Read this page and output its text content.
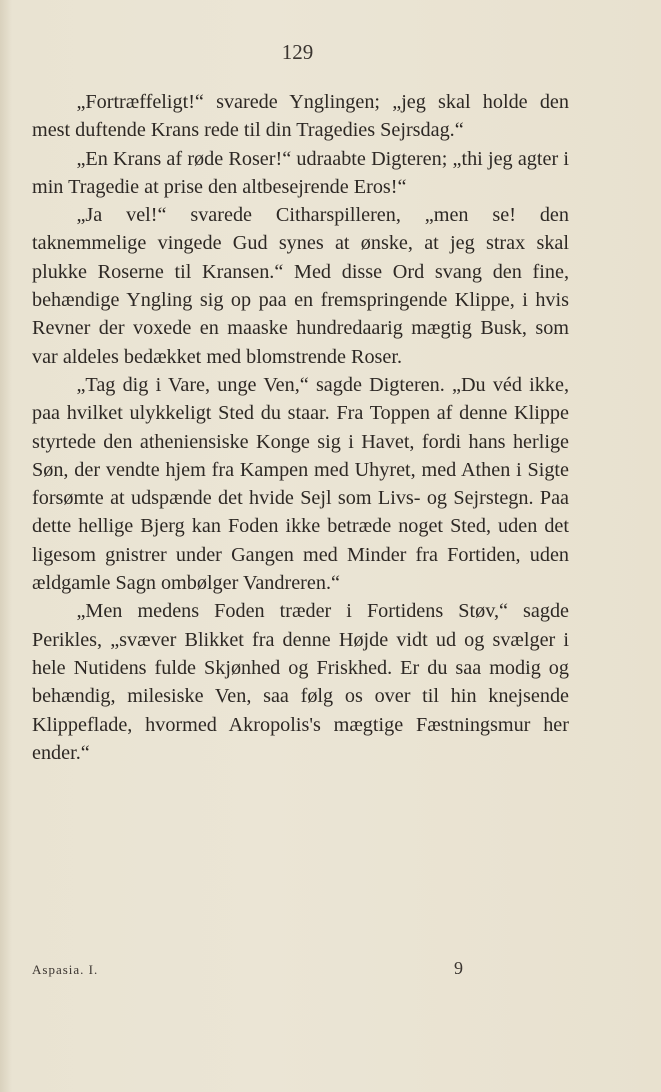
129

„Fortræffeligt!“ svarede Ynglingen; „jeg skal holde den mest duftende Krans rede til din Tragedies Sejrsdag.“

„En Krans af røde Roser!“ udraabte Digteren; „thi jeg agter i min Tragedie at prise den altbesejrende Eros!“

„Ja vel!“ svarede Citharspilleren, „men se! den taknemmelige vingede Gud synes at ønske, at jeg strax skal plukke Roserne til Kransen.“ Med disse Ord svang den fine, behændige Yngling sig op paa en fremspringende Klippe, i hvis Revner der voxede en maaske hundredaarig mægtig Busk, som var aldeles bedækket med blomstrende Roser.

„Tag dig i Vare, unge Ven,“ sagde Digteren. „Du véd ikke, paa hvilket ulykkeligt Sted du staar. Fra Toppen af denne Klippe styrtede den atheniensiske Konge sig i Havet, fordi hans herlige Søn, der vendte hjem fra Kampen med Uhyret, med Athen i Sigte forsømte at udspænde det hvide Sejl som Livs- og Sejrstegn. Paa dette hellige Bjerg kan Foden ikke betræde noget Sted, uden det ligesom gnistrer under Gangen med Minder fra Fortiden, uden ældgamle Sagn ombølger Vandreren.“

„Men medens Foden træder i Fortidens Støv,“ sagde Perikles, „svæver Blikket fra denne Højde vidt ud og svælger i hele Nutidens fulde Skjønhed og Friskhed. Er du saa modig og behændig, milesiske Ven, saa følg os over til hin knejsende Klippeflade, hvormed Akropolis's mægtige Fæstningsmur her ender.“

Aspasia. I.	9
